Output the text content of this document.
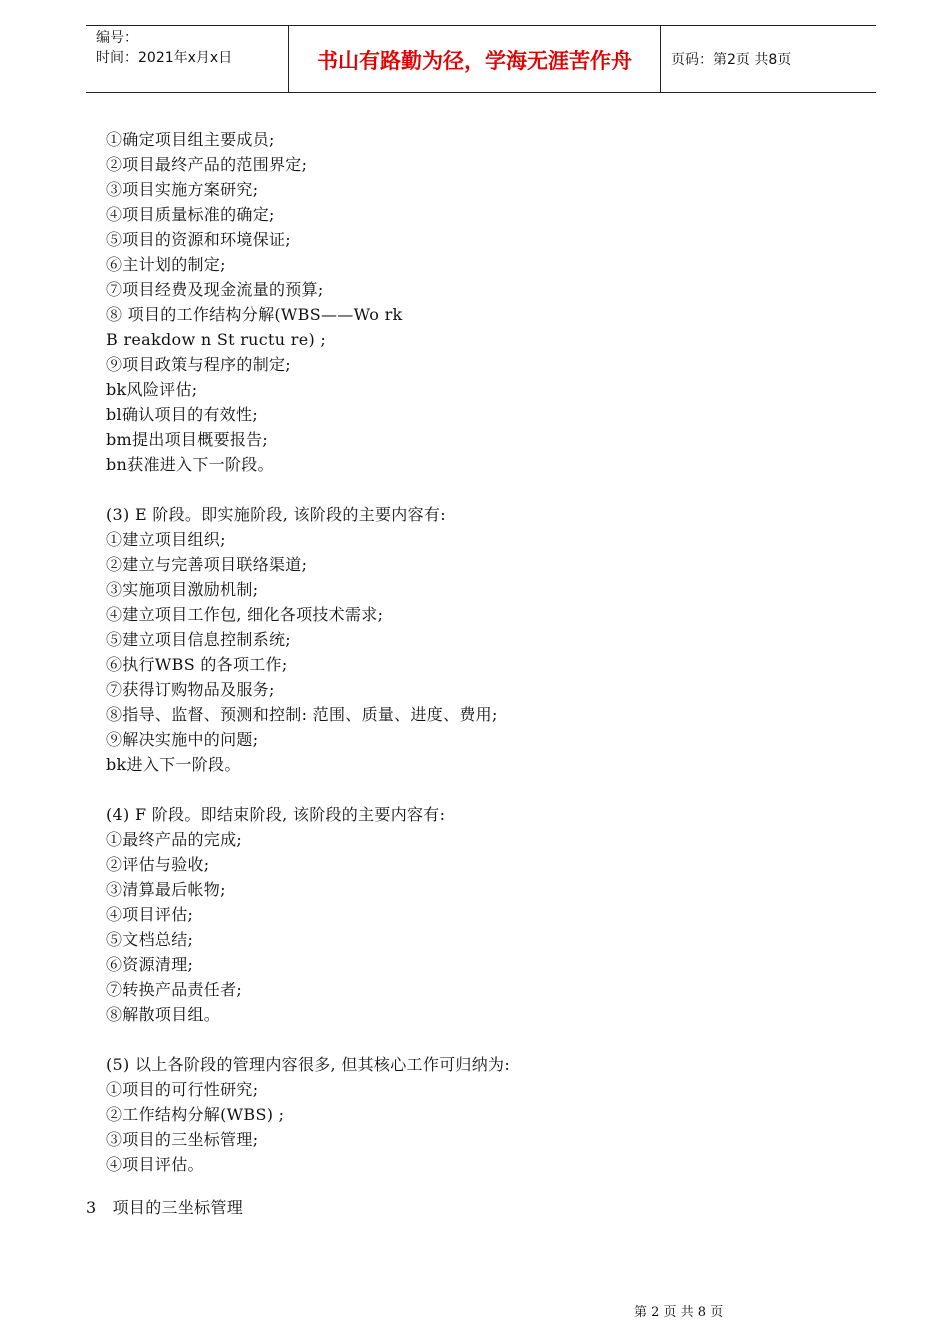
编号：
时间：2021年x月x日	书山有路勤为径，学海无涯苦作舟	页码：第2页 共8页
①确定项目组主要成员;
②项目最终产品的范围界定;
③项目实施方案研究;
④项目质量标准的确定;
⑤项目的资源和环境保证;
⑥主计划的制定;
⑦项目经费及现金流量的预算;
⑧ 项目的工作结构分解(WBS——Wo rk
B reakdow n St ructu re) ;
⑨项目政策与程序的制定;
bk风险评估;
bl确认项目的有效性;
bm提出项目概要报告;
bn获准进入下一阶段。
(3) E 阶段。即实施阶段, 该阶段的主要内容有:
①建立项目组织;
②建立与完善项目联络渠道;
③实施项目激励机制;
④建立项目工作包, 细化各项技术需求;
⑤建立项目信息控制系统;
⑥执行WBS 的各项工作;
⑦获得订购物品及服务;
⑧指导、监督、预测和控制: 范围、质量、进度、费用;
⑨解决实施中的问题;
bk进入下一阶段。
(4) F 阶段。即结束阶段, 该阶段的主要内容有:
①最终产品的完成;
②评估与验收;
③清算最后帐物;
④项目评估;
⑤文档总结;
⑥资源清理;
⑦转换产品责任者;
⑧解散项目组。
(5) 以上各阶段的管理内容很多, 但其核心工作可归纳为:
①项目的可行性研究;
②工作结构分解(WBS) ;
③项目的三坐标管理;
④项目评估。
3   项目的三坐标管理
第 2 页 共 8 页
